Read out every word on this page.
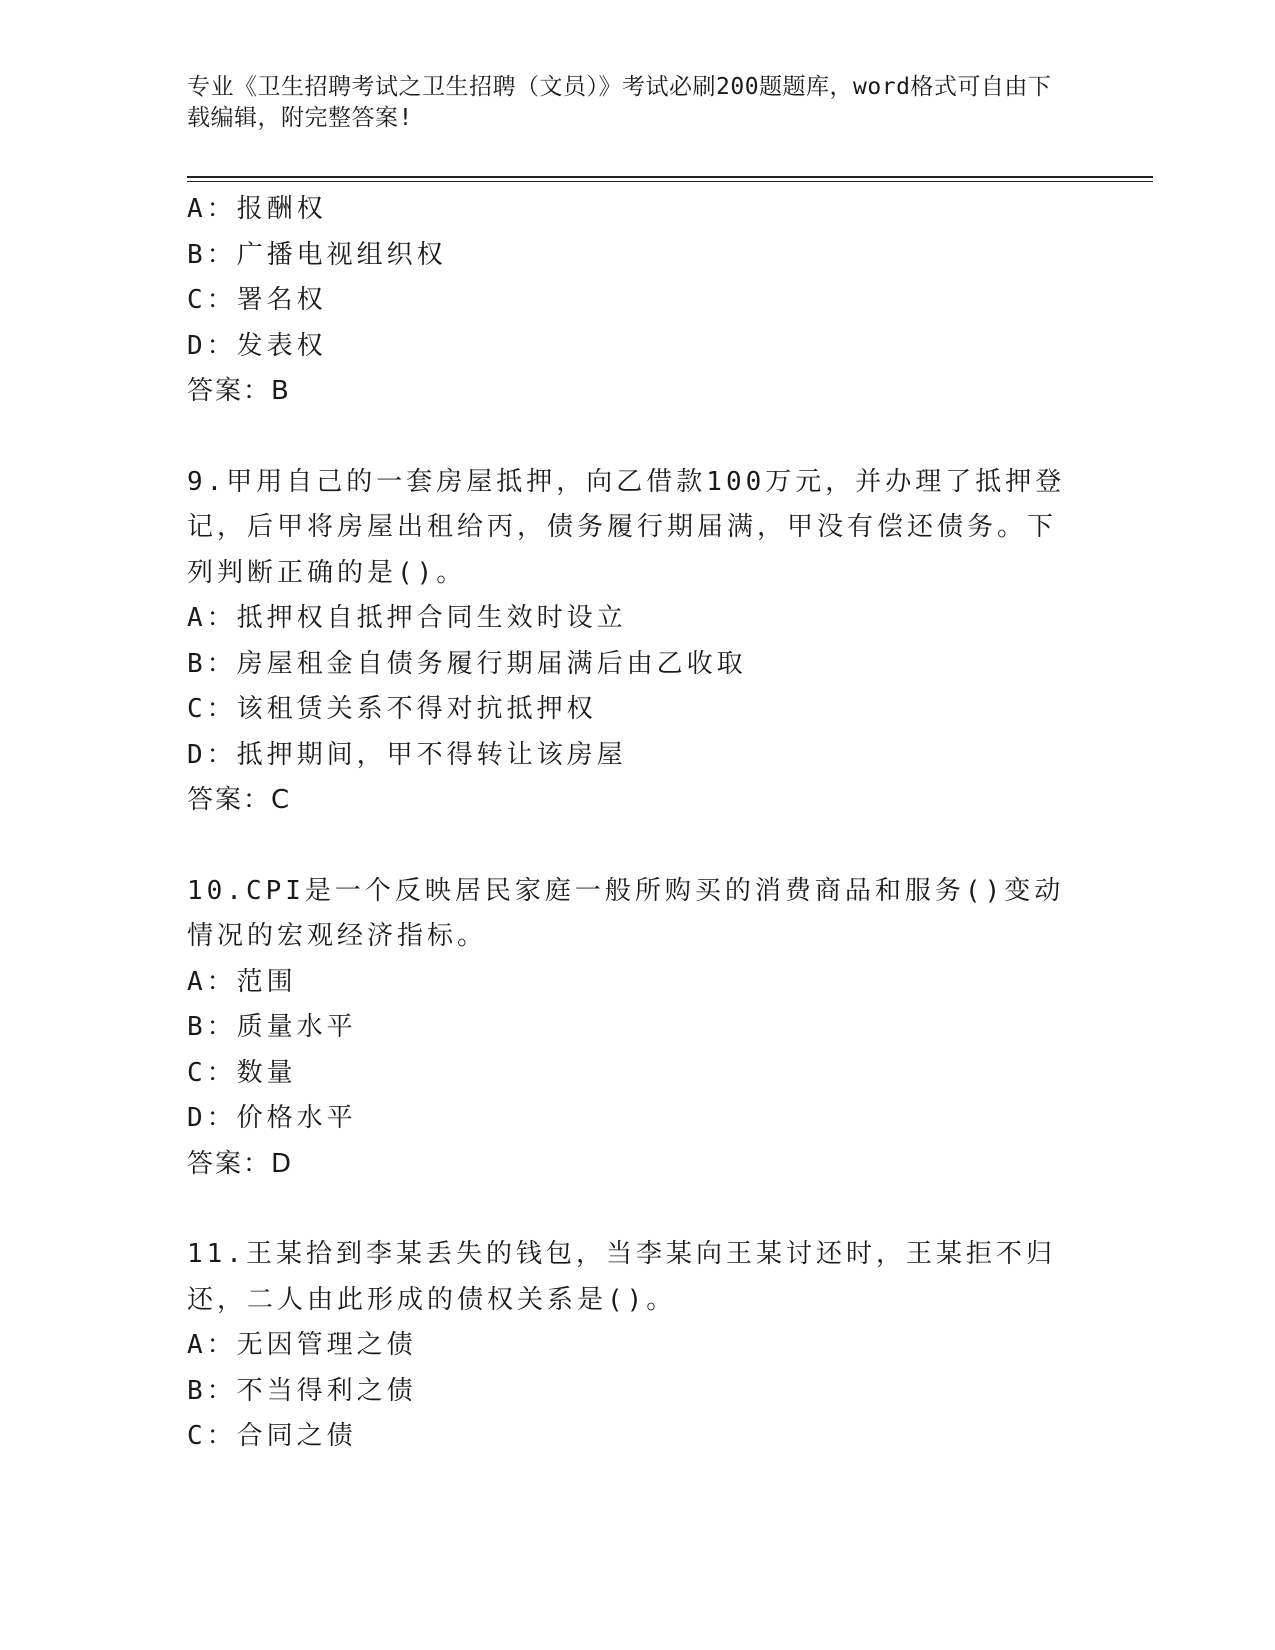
专业《卫生招聘考试之卫生招聘（文员）》考试必刷200题题库，word格式可自由下载编辑，附完整答案!
A：报酬权
B：广播电视组织权
C：署名权
D：发表权
答案：B
9.甲用自己的一套房屋抵押，向乙借款100万元，并办理了抵押登记，后甲将房屋出租给丙，债务履行期届满，甲没有偿还债务。下列判断正确的是()。
A：抵押权自抵押合同生效时设立
B：房屋租金自债务履行期届满后由乙收取
C：该租赁关系不得对抗抵押权
D：抵押期间，甲不得转让该房屋
答案：C
10.CPI是一个反映居民家庭一般所购买的消费商品和服务()变动情况的宏观经济指标。
A：范围
B：质量水平
C：数量
D：价格水平
答案：D
11.王某拾到李某丢失的钱包，当李某向王某讨还时，王某拒不归还，二人由此形成的债权关系是()。
A：无因管理之债
B：不当得利之债
C：合同之债
